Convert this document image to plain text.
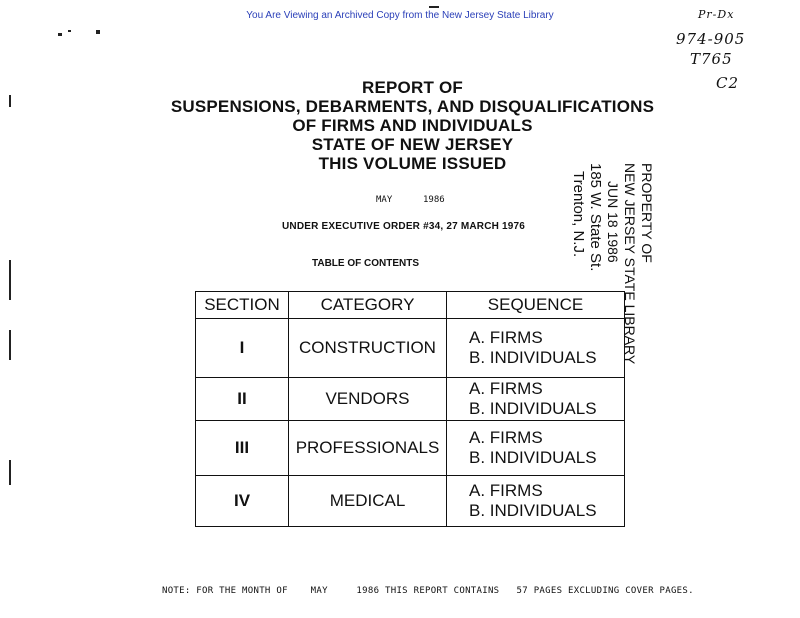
You Are Viewing an Archived Copy from the New Jersey State Library	Pr-Dx
974-905
T765
C2
REPORT OF
SUSPENSIONS, DEBARMENTS, AND DISQUALIFICATIONS
OF FIRMS AND INDIVIDUALS
STATE OF NEW JERSEY
THIS VOLUME ISSUED
MAY	1986
UNDER EXECUTIVE ORDER #34, 27 MARCH 1976
TABLE OF CONTENTS
PROPERTY OF
NEW JERSEY STATE LIBRARY
JUN 18 1986
185 W. State St.
Trenton, N.J.
SECTION	CATEGORY	SEQUENCE
I	CONSTRUCTION	A. FIRMS
B. INDIVIDUALS

II	VENDORS	A. FIRMS
B. INDIVIDUALS

III	PROFESSIONALS	A. FIRMS
B. INDIVIDUALS

IV	MEDICAL	A. FIRMS
B. INDIVIDUALS
NOTE: FOR THE MONTH OF    MAY     1986 THIS REPORT CONTAINS   57 PAGES EXCLUDING COVER PAGES.
